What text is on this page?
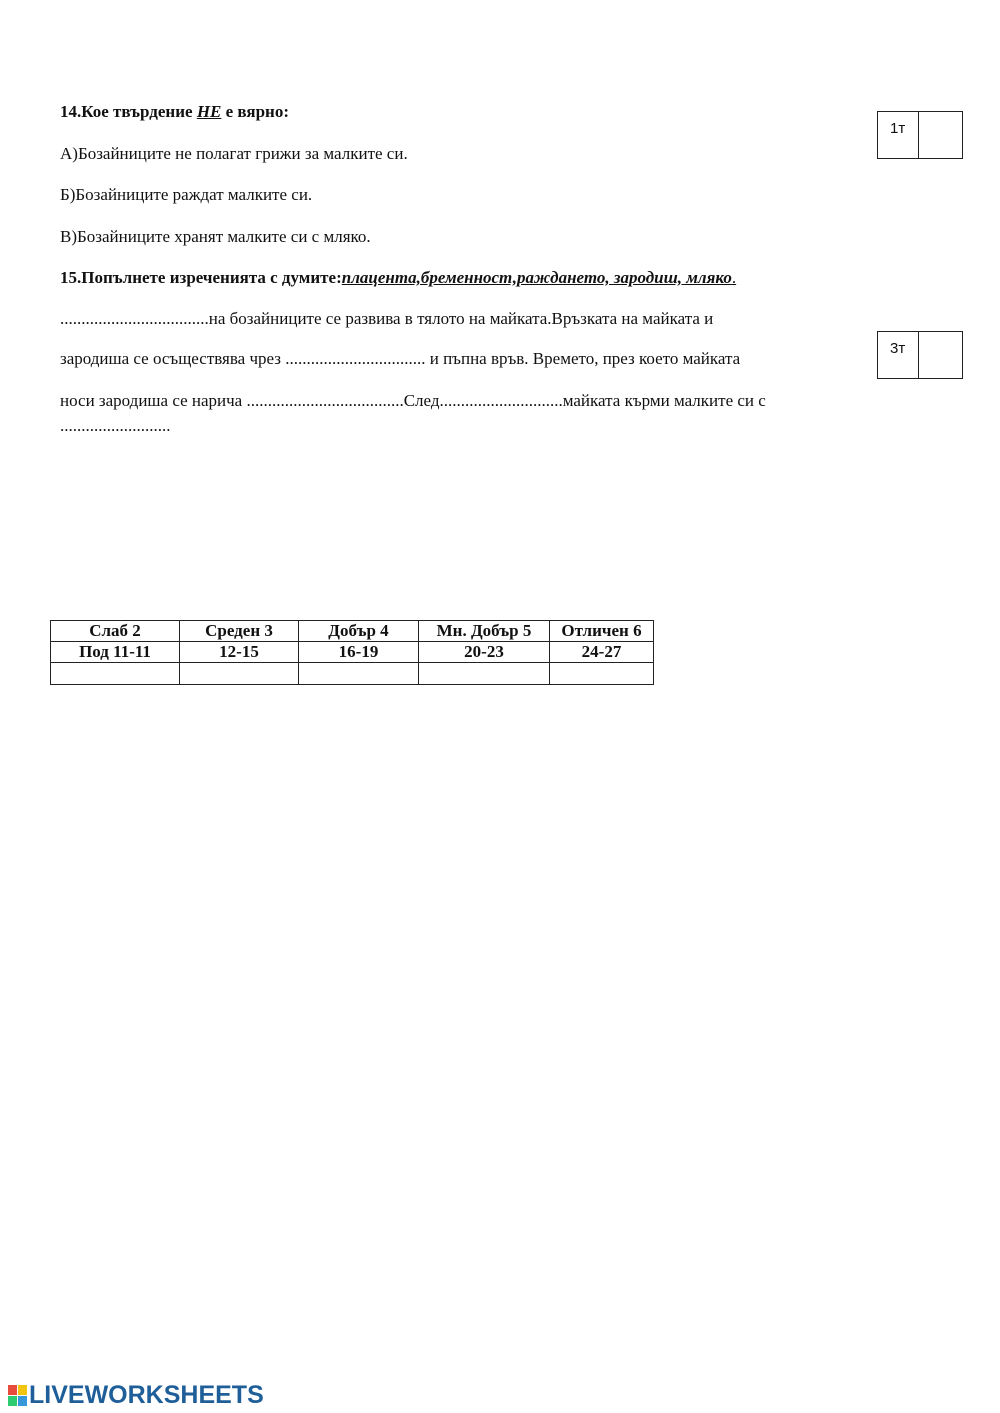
14.Кое твърдение НЕ е вярно:
А)Бозайниците не полагат грижи за малките си.
Б)Бозайниците раждат малките си.
В)Бозайниците хранят малките си с мляко.
1т
15.Попълнете изреченията с думите:плацента,бременност,раждането, зародиш, мляко.
...................................на бозайниците се развива в тялото на майката.Връзката на майката и
зародиша се осъществява чрез ................................. и пъпна връв. Времето, през което майката
носи зародиша се нарича .....................................След.............................майката кърми малките си с
..........................
3т
Слаб 2	Среден 3	Добър 4	Мн. Добър 5	Отличен 6
Под 11-11	12-15	16-19	20-23	24-27

LIVEWORKSHEETS
